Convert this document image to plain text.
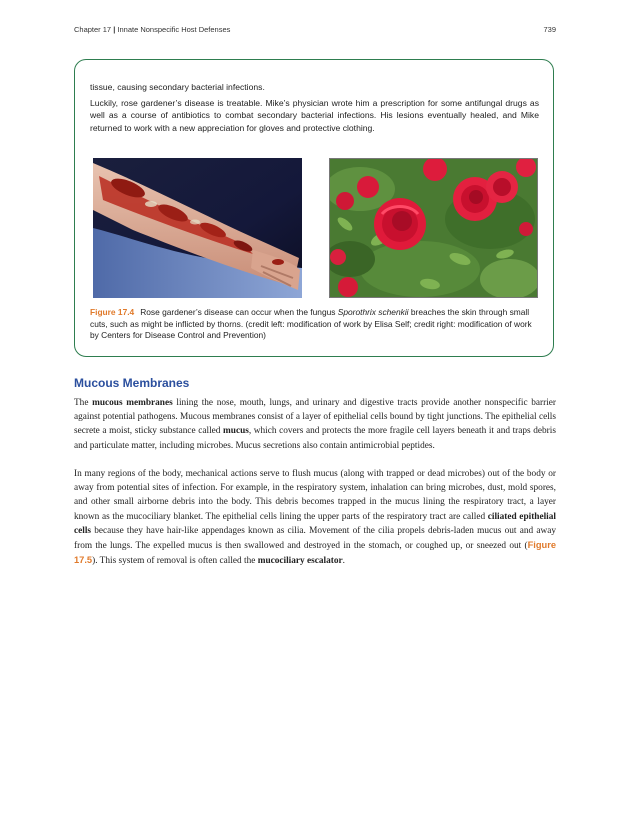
Chapter 17 | Innate Nonspecific Host Defenses	739

tissue, causing secondary bacterial infections.

Luckily, rose gardener’s disease is treatable. Mike’s physician wrote him a prescription for some antifungal drugs as well as a course of antibiotics to combat secondary bacterial infections. His lesions eventually healed, and Mike returned to work with a new appreciation for gloves and protective clothing.

Figure 17.4 Rose gardener’s disease can occur when the fungus Sporothrix schenkii breaches the skin through small cuts, such as might be inflicted by thorns. (credit left: modification of work by Elisa Self; credit right: modification of work by Centers for Disease Control and Prevention)
Mucous Membranes

The mucous membranes lining the nose, mouth, lungs, and urinary and digestive tracts provide another nonspecific barrier against potential pathogens. Mucous membranes consist of a layer of epithelial cells bound by tight junctions. The epithelial cells secrete a moist, sticky substance called mucus, which covers and protects the more fragile cell layers beneath it and traps debris and particulate matter, including microbes. Mucus secretions also contain antimicrobial peptides.

In many regions of the body, mechanical actions serve to flush mucus (along with trapped or dead microbes) out of the body or away from potential sites of infection. For example, in the respiratory system, inhalation can bring microbes, dust, mold spores, and other small airborne debris into the body. This debris becomes trapped in the mucus lining the respiratory tract, a layer known as the mucociliary blanket. The epithelial cells lining the upper parts of the respiratory tract are called ciliated epithelial cells because they have hair-like appendages known as cilia. Movement of the cilia propels debris-laden mucus out and away from the lungs. The expelled mucus is then swallowed and destroyed in the stomach, or coughed up, or sneezed out (Figure 17.5). This system of removal is often called the mucociliary escalator.
